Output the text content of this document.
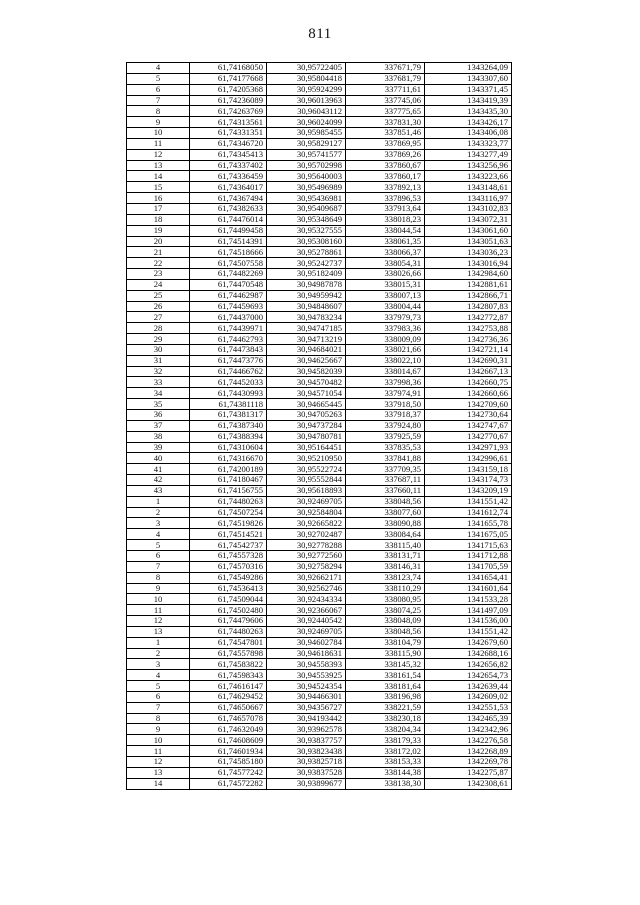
811
4	61,74168050	30,95722405	337671,79	1343264,09
5	61,74177668	30,95804418	337681,79	1343307,60
6	61,74205368	30,95924299	337711,61	1343371,45
7	61,74236089	30,96013963	337745,06	1343419,39
8	61,74263769	30,96043112	337775,65	1343435,30
9	61,74313561	30,96024099	337831,30	1343426,17
10	61,74331351	30,95985455	337851,46	1343406,08
11	61,74346720	30,95829127	337869,95	1343323,77
12	61,74345413	30,95741577	337869,26	1343277,49
13	61,74337402	30,95702998	337860,67	1343256,96
14	61,74336459	30,95640003	337860,17	1343223,66
15	61,74364017	30,95496989	337892,13	1343148,61
16	61,74367494	30,95436981	337896,53	1343116,97
17	61,74382633	30,95409687	337913,64	1343102,83
18	61,74476014	30,95348649	338018,23	1343072,31
19	61,74499458	30,95327555	338044,54	1343061,60
20	61,74514391	30,95308160	338061,35	1343051,63
21	61,74518666	30,95278861	338066,37	1343036,23
22	61,74507558	30,95242737	338054,31	1343016,94
23	61,74482269	30,95182409	338026,66	1342984,60
24	61,74470548	30,94987878	338015,31	1342881,61
25	61,74462987	30,94959942	338007,13	1342866,71
26	61,74459693	30,94848607	338004,44	1342807,83
27	61,74437000	30,94783234	337979,73	1342772,87
28	61,74439971	30,94747185	337983,36	1342753,88
29	61,74462793	30,94713219	338009,09	1342736,36
30	61,74473843	30,94684021	338021,66	1342721,14
31	61,74473776	30,94625667	338022,10	1342690,31
32	61,74466762	30,94582039	338014,67	1342667,13
33	61,74452033	30,94570482	337998,36	1342660,75
34	61,74430993	30,94571054	337974,91	1342660,66
35	61,74381118	30,94665445	337918,50	1342709,60
36	61,74381317	30,94705263	337918,37	1342730,64
37	61,74387340	30,94737284	337924,80	1342747,67
38	61,74388394	30,94780781	337925,59	1342770,67
39	61,74310604	30,95164451	337835,53	1342971,93
40	61,74316670	30,95210950	337841,88	1342996,61
41	61,74200189	30,95522724	337709,35	1343159,18
42	61,74180467	30,95552844	337687,11	1343174,73
43	61,74156755	30,95618893	337660,11	1343209,19
1	61,74480263	30,92469705	338048,56	1341551,42
2	61,74507254	30,92584804	338077,60	1341612,74
3	61,74519826	30,92665822	338090,88	1341655,78
4	61,74514521	30,92702487	338084,64	1341675,05
5	61,74542737	30,92778288	338115,40	1341715,63
6	61,74557328	30,92772560	338131,71	1341712,88
7	61,74570316	30,92758294	338146,31	1341705,59
8	61,74549286	30,92662171	338123,74	1341654,41
9	61,74536413	30,92562746	338110,29	1341601,64
10	61,74509044	30,92434334	338080,95	1341533,28
11	61,74502480	30,92366067	338074,25	1341497,09
12	61,74479606	30,92440542	338048,09	1341536,00
13	61,74480263	30,92469705	338048,56	1341551,42
1	61,74547801	30,94602784	338104,79	1342679,60
2	61,74557898	30,94618631	338115,90	1342688,16
3	61,74583822	30,94558393	338145,32	1342656,82
4	61,74598343	30,94553925	338161,54	1342654,73
5	61,74616147	30,94524354	338181,64	1342639,44
6	61,74629452	30,94466301	338196,98	1342609,02
7	61,74650667	30,94356727	338221,59	1342551,53
8	61,74657078	30,94193442	338230,18	1342465,39
9	61,74632049	30,93962578	338204,34	1342342,96
10	61,74608609	30,93837757	338179,33	1342276,58
11	61,74601934	30,93823438	338172,02	1342268,89
12	61,74585180	30,93825718	338153,33	1342269,78
13	61,74577242	30,93837528	338144,38	1342275,87
14	61,74572282	30,93899677	338138,30	1342308,61
